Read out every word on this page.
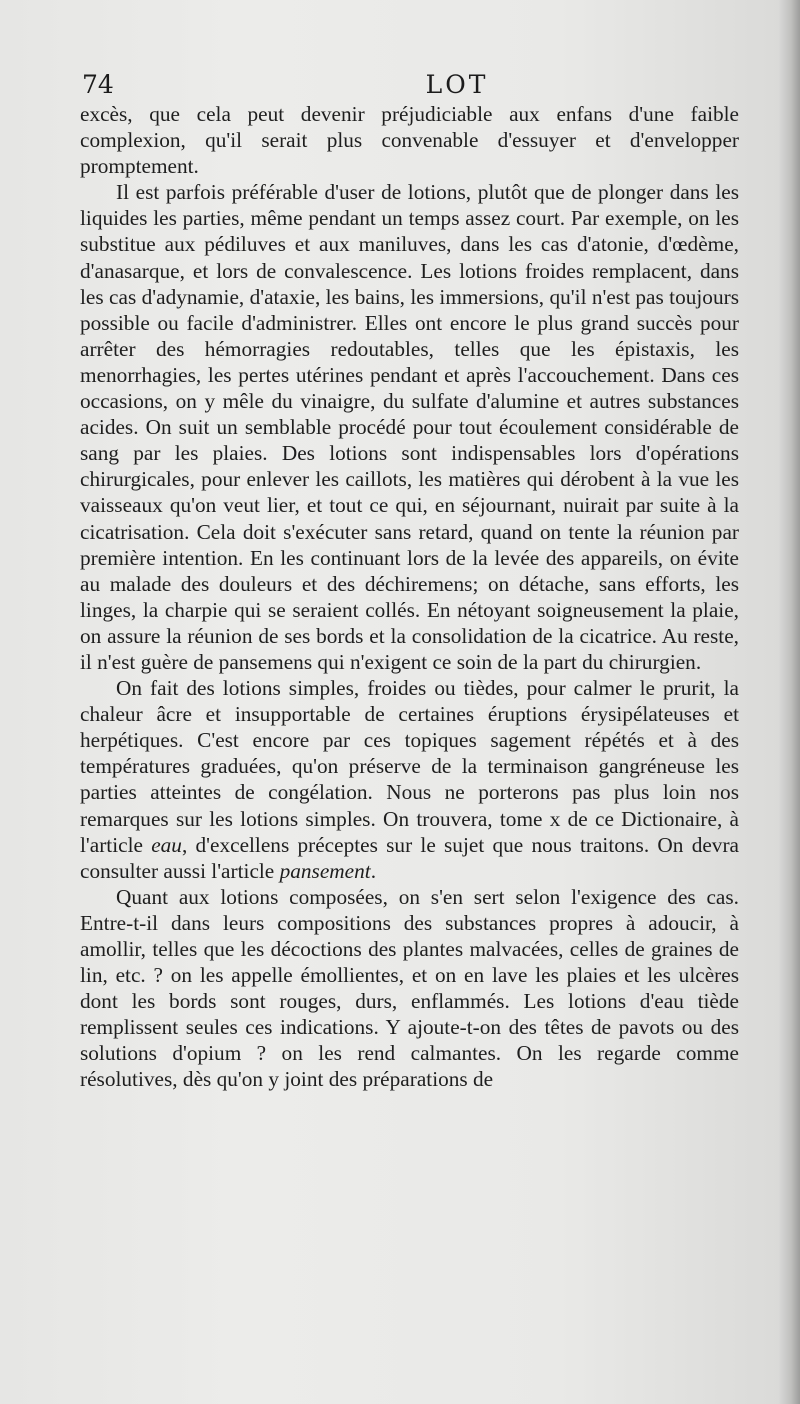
74	LOT

excès, que cela peut devenir préjudiciable aux enfans d'une faible complexion, qu'il serait plus convenable d'essuyer et d'envelopper promptement.

Il est parfois préférable d'user de lotions, plutôt que de plonger dans les liquides les parties, même pendant un temps assez court. Par exemple, on les substitue aux pédiluves et aux maniluves, dans les cas d'atonie, d'œdème, d'anasarque, et lors de convalescence. Les lotions froides remplacent, dans les cas d'adynamie, d'ataxie, les bains, les immersions, qu'il n'est pas toujours possible ou facile d'administrer. Elles ont encore le plus grand succès pour arrêter des hémorragies redoutables, telles que les épistaxis, les menorrhagies, les pertes utérines pendant et après l'accouchement. Dans ces occasions, on y mêle du vinaigre, du sulfate d'alumine et autres substances acides. On suit un semblable procédé pour tout écoulement considérable de sang par les plaies. Des lotions sont indispensables lors d'opérations chirurgicales, pour enlever les caillots, les matières qui dérobent à la vue les vaisseaux qu'on veut lier, et tout ce qui, en séjournant, nuirait par suite à la cicatrisation. Cela doit s'exécuter sans retard, quand on tente la réunion par première intention. En les continuant lors de la levée des appareils, on évite au malade des douleurs et des déchiremens; on détache, sans efforts, les linges, la charpie qui se seraient collés. En nétoyant soigneusement la plaie, on assure la réunion de ses bords et la consolidation de la cicatrice. Au reste, il n'est guère de pansemens qui n'exigent ce soin de la part du chirurgien.

On fait des lotions simples, froides ou tièdes, pour calmer le prurit, la chaleur âcre et insupportable de certaines éruptions érysipélateuses et herpétiques. C'est encore par ces topiques sagement répétés et à des températures graduées, qu'on préserve de la terminaison gangréneuse les parties atteintes de congélation. Nous ne porterons pas plus loin nos remarques sur les lotions simples. On trouvera, tome x de ce Dictionaire, à l'article eau, d'excellens préceptes sur le sujet que nous traitons. On devra consulter aussi l'article pansement.

Quant aux lotions composées, on s'en sert selon l'exigence des cas. Entre-t-il dans leurs compositions des substances propres à adoucir, à amollir, telles que les décoctions des plantes malvacées, celles de graines de lin, etc. ? on les appelle émollientes, et on en lave les plaies et les ulcères dont les bords sont rouges, durs, enflammés. Les lotions d'eau tiède remplissent seules ces indications. Y ajoute-t-on des têtes de pavots ou des solutions d'opium ? on les rend calmantes. On les regarde comme résolutives, dès qu'on y joint des préparations de
